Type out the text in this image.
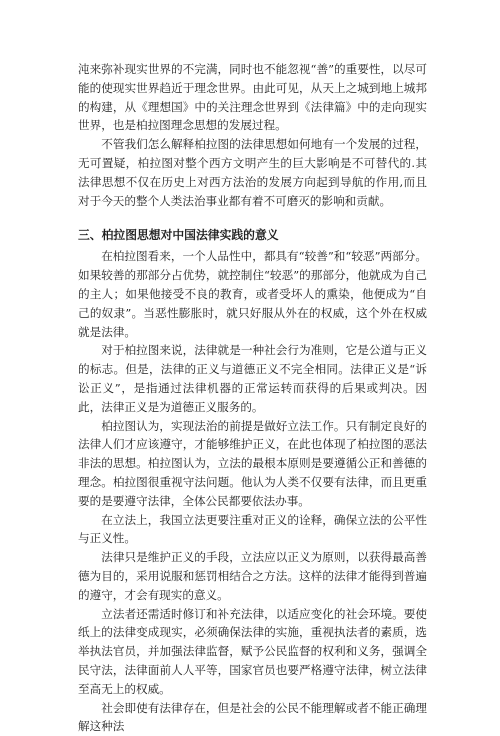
沌来弥补现实世界的不完满，同时也不能忽视“善”的重要性，以尽可能的使现实世界趋近于理念世界。由此可见，从天上之城到地上城邦的构建，从《理想国》中的关注理念世界到《法律篇》中的走向现实世界，也是柏拉图理念思想的发展过程。

不管我们怎么解释柏拉图的法律思想如何地有一个发展的过程，无可置疑，柏拉图对整个西方文明产生的巨大影响是不可替代的.其法律思想不仅在历史上对西方法治的发展方向起到导航的作用,而且对于今天的整个人类法治事业都有着不可磨灭的影响和贡献。

三、柏拉图思想对中国法律实践的意义

在柏拉图看来，一个人品性中，都具有“较善”和“较恶”两部分。如果较善的那部分占优势，就控制住“较恶”的那部分，他就成为自己的主人；如果他接受不良的教育，或者受坏人的熏染，他便成为“自己的奴隶”。当恶性膨胀时，就只好服从外在的权威，这个外在权威就是法律。

对于柏拉图来说，法律就是一种社会行为准则，它是公道与正义的标志。但是，法律的正义与道德正义不完全相同。法律正义是“诉讼正义”，是指通过法律机器的正常运转而获得的后果或判决。因此，法律正义是为道德正义服务的。

柏拉图认为，实现法治的前提是做好立法工作。只有制定良好的法律人们才应该遵守，才能够维护正义，在此也体现了柏拉图的恶法非法的思想。柏拉图认为，立法的最根本原则是要遵循公正和善德的理念。柏拉图很重视守法问题。他认为人类不仅要有法律，而且更重要的是要遵守法律，全体公民都要依法办事。

在立法上，我国立法更要注重对正义的诠释，确保立法的公平性与正义性。

法律只是维护正义的手段，立法应以正义为原则，以获得最高善德为目的，采用说服和惩罚相结合之方法。这样的法律才能得到普遍的遵守，才会有现实的意义。

立法者还需适时修订和补充法律，以适应变化的社会环境。要使纸上的法律变成现实，必须确保法律的实施，重视执法者的素质，选举执法官员，并加强法律监督，赋予公民监督的权利和义务，强调全民守法，法律面前人人平等，国家官员也要严格遵守法律，树立法律至高无上的权威。

社会即使有法律存在，但是社会的公民不能理解或者不能正确理解这种法
